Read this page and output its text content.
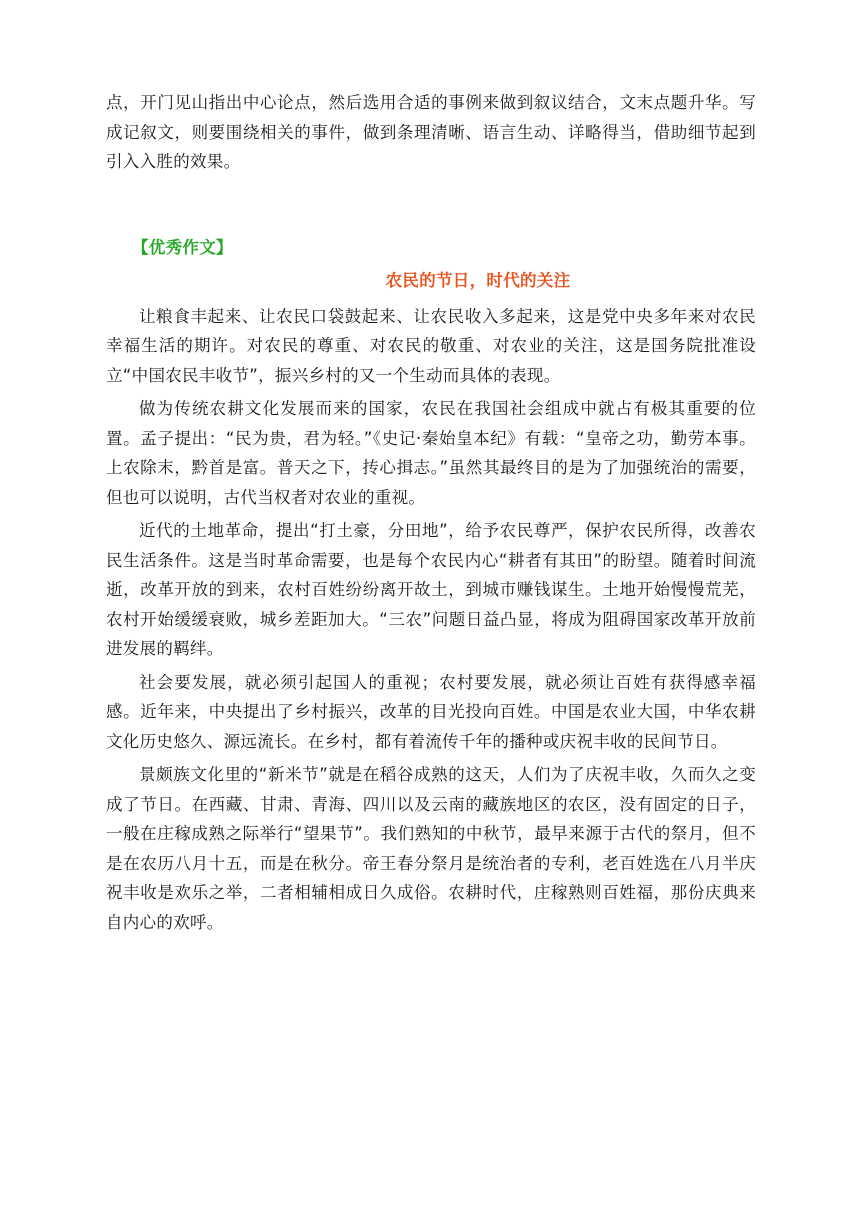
点，开门见山指出中心论点，然后选用合适的事例来做到叙议结合，文末点题升华。写成记叙文，则要围绕相关的事件，做到条理清晰、语言生动、详略得当，借助细节起到引入入胜的效果。
【优秀作文】
农民的节日，时代的关注

让粮食丰起来、让农民口袋鼓起来、让农民收入多起来，这是党中央多年来对农民幸福生活的期许。对农民的尊重、对农民的敬重、对农业的关注，这是国务院批准设立“中国农民丰收节”，振兴乡村的又一个生动而具体的表现。

做为传统农耕文化发展而来的国家，农民在我国社会组成中就占有极其重要的位置。孟子提出：“民为贵，君为轻。”《史记·秦始皇本纪》有载：“皇帝之功，勤劳本事。上农除末，黔首是富。普天之下，抟心揖志。”虽然其最终目的是为了加强统治的需要，但也可以说明，古代当权者对农业的重视。

近代的土地革命，提出“打土豪，分田地”，给予农民尊严，保护农民所得，改善农民生活条件。这是当时革命需要，也是每个农民内心“耕者有其田”的盼望。随着时间流逝，改革开放的到来，农村百姓纷纷离开故土，到城市赚钱谋生。土地开始慢慢荒芜，农村开始缓缓衰败，城乡差距加大。“三农”问题日益凸显，将成为阻碍国家改革开放前进发展的羁绊。

社会要发展，就必须引起国人的重视；农村要发展，就必须让百姓有获得感幸福感。近年来，中央提出了乡村振兴，改革的目光投向百姓。中国是农业大国，中华农耕文化历史悠久、源远流长。在乡村，都有着流传千年的播种或庆祝丰收的民间节日。

景颇族文化里的“新米节”就是在稻谷成熟的这天，人们为了庆祝丰收，久而久之变成了节日。在西藏、甘肃、青海、四川以及云南的藏族地区的农区，没有固定的日子，一般在庄稼成熟之际举行“望果节”。我们熟知的中秋节，最早来源于古代的祭月，但不是在农历八月十五，而是在秋分。帝王春分祭月是统治者的专利，老百姓选在八月半庆祝丰收是欢乐之举，二者相辅相成日久成俗。农耕时代，庄稼熟则百姓福，那份庆典来自内心的欢呼。
